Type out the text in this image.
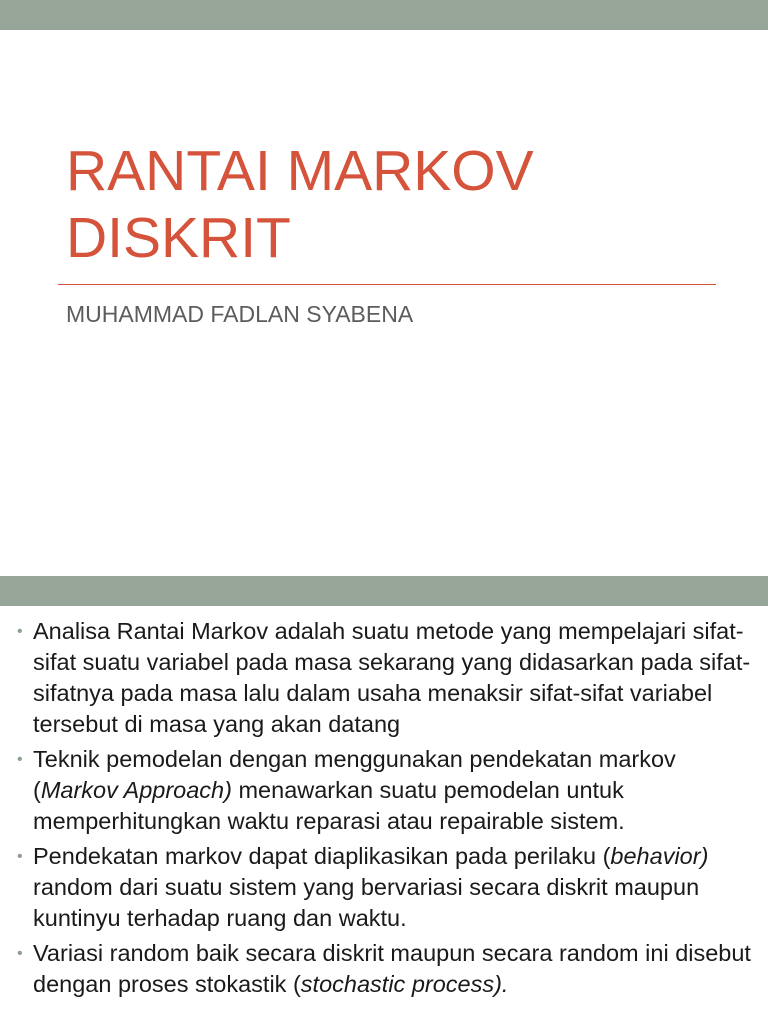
RANTAI MARKOV
DISKRIT

MUHAMMAD FADLAN SYABENA

• Analisa Rantai Markov adalah suatu metode yang mempelajari sifat-sifat suatu variabel pada masa sekarang yang didasarkan pada sifat-sifatnya pada masa lalu dalam usaha menaksir sifat-sifat variabel tersebut di masa yang akan datang
• Teknik pemodelan dengan menggunakan pendekatan markov (Markov Approach) menawarkan suatu pemodelan untuk memperhitungkan waktu reparasi atau repairable sistem.
• Pendekatan markov dapat diaplikasikan pada perilaku (behavior) random dari suatu sistem yang bervariasi secara diskrit maupun kuntinyu terhadap ruang dan waktu.
• Variasi random baik secara diskrit maupun secara random ini disebut dengan proses stokastik (stochastic process).
